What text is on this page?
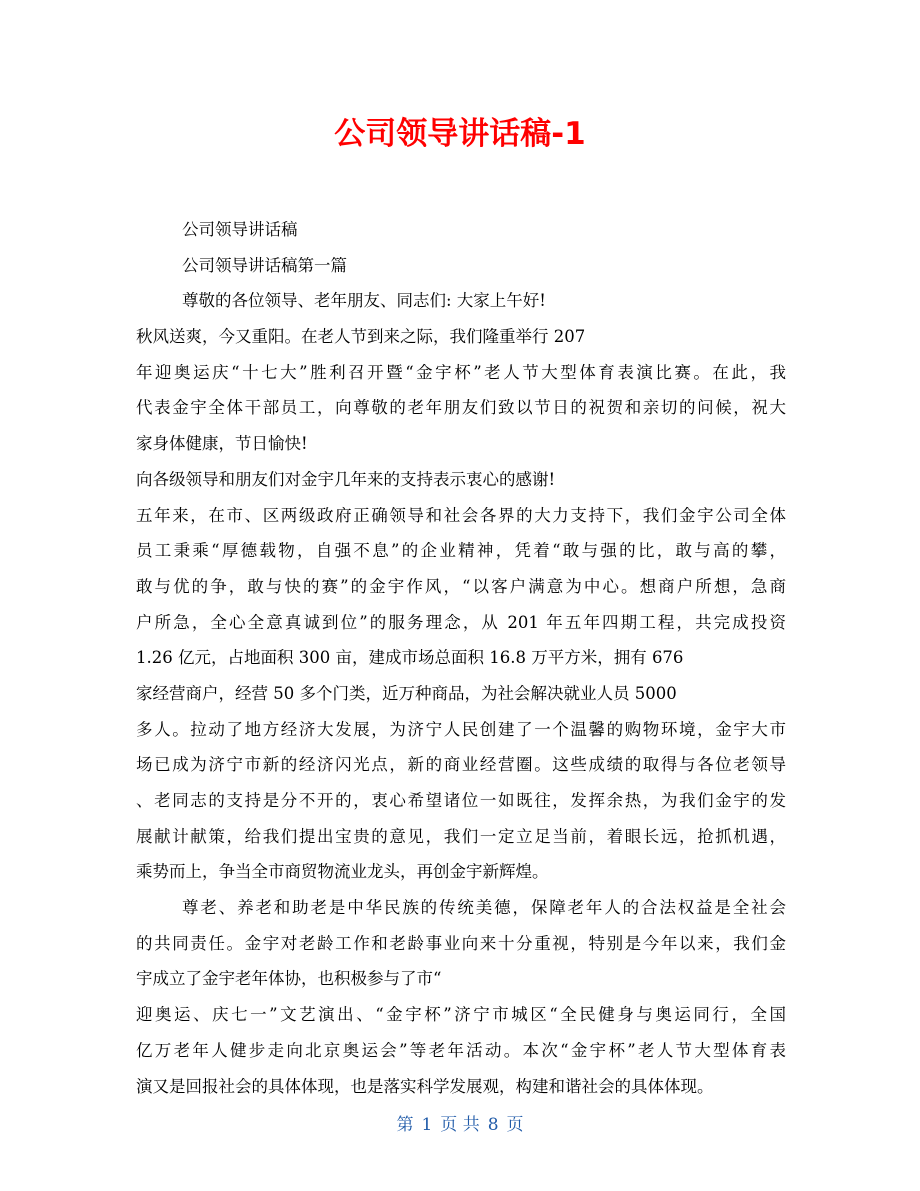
公司领导讲话稿-1
公司领导讲话稿
公司领导讲话稿第一篇
尊敬的各位领导、老年朋友、同志们: 大家上午好!
秋风送爽，今又重阳。在老人节到来之际，我们隆重举行 207
年迎奥运庆“十七大”胜利召开暨“金宇杯”老人节大型体育表演比赛。在此，我
代表金宇全体干部员工，向尊敬的老年朋友们致以节日的祝贺和亲切的问候，祝大
家身体健康，节日愉快!
向各级领导和朋友们对金宇几年来的支持表示衷心的感谢!
五年来，在市、区两级政府正确领导和社会各界的大力支持下，我们金宇公司全体
员工秉乘“厚德载物，自强不息”的企业精神，凭着“敢与强的比，敢与高的攀，
敢与优的争，敢与快的赛”的金宇作风，“以客户满意为中心。想商户所想，急商
户所急，全心全意真诚到位”的服务理念，从 201 年五年四期工程，共完成投资
1.26 亿元，占地面积 300 亩，建成市场总面积 16.8 万平方米，拥有 676
家经营商户，经营 50 多个门类，近万种商品，为社会解决就业人员 5000
多人。拉动了地方经济大发展，为济宁人民创建了一个温馨的购物环境，金宇大市
场已成为济宁市新的经济闪光点，新的商业经营圈。这些成绩的取得与各位老领导
、老同志的支持是分不开的，衷心希望诸位一如既往，发挥余热，为我们金宇的发
展献计献策，给我们提出宝贵的意见，我们一定立足当前，着眼长远，抢抓机遇，
乘势而上，争当全市商贸物流业龙头，再创金宇新辉煌。
尊老、养老和助老是中华民族的传统美德，保障老年人的合法权益是全社会
的共同责任。金宇对老龄工作和老龄事业向来十分重视，特别是今年以来，我们金
宇成立了金宇老年体协，也积极参与了市“
迎奥运、庆七一”文艺演出、“金宇杯”济宁市城区“全民健身与奥运同行，全国
亿万老年人健步走向北京奥运会”等老年活动。本次“金宇杯”老人节大型体育表
演又是回报社会的具体体现，也是落实科学发展观，构建和谐社会的具体体现。
第 1 页 共 8 页
